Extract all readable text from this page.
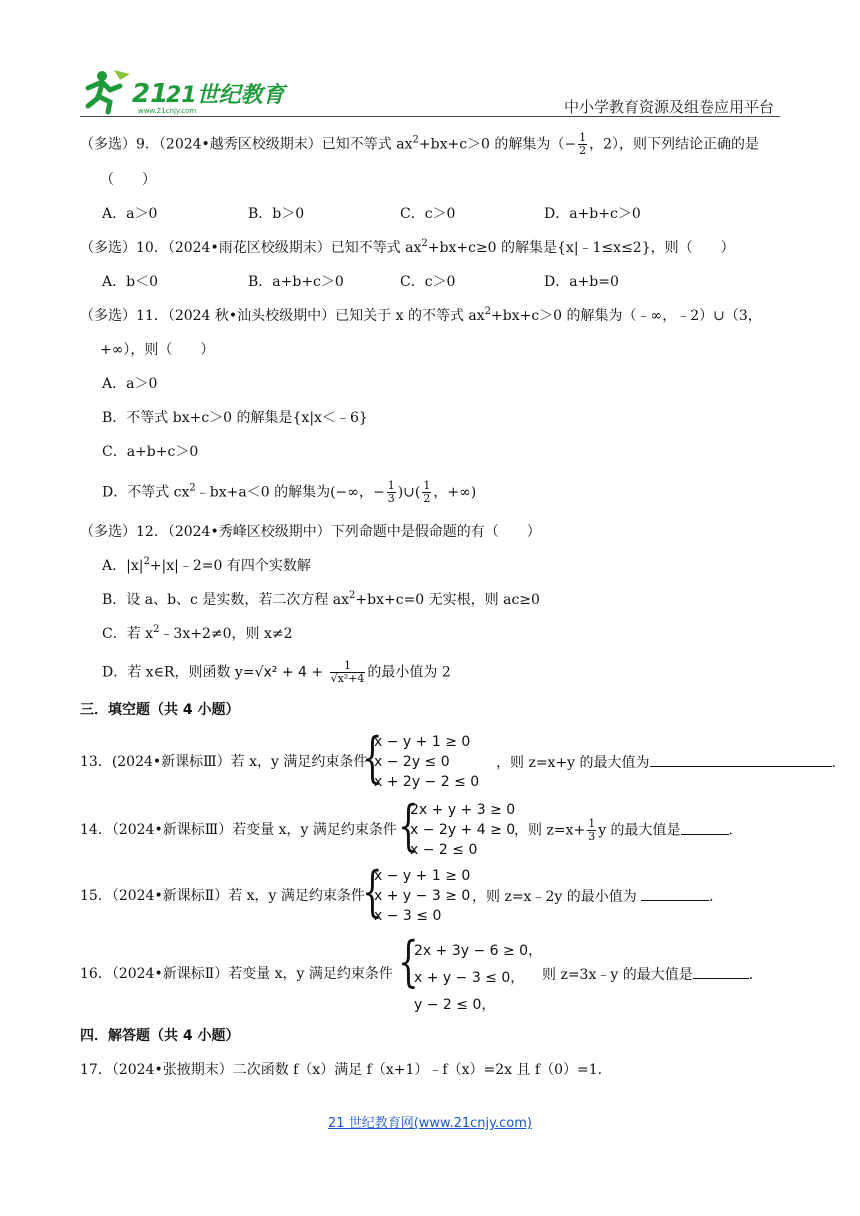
21
21世纪教育
www.21cnjy.com	中小学教育资源及组卷应用平台
（多选）9．（2024•越秀区校级期末）已知不等式 $ax^2+bx+c>0$ 的解集为（− $\frac{1}{2}$ ，2），则下列结论正确的是
（　　）
A．a＞0	B．b＞0	C．c＞0	D．a+b+c＞0
（多选）10．（2024•雨花区校级期末）已知不等式 $ax^2+bx+c\ge 0$ 的解集是{x|﹣1≤x≤2}，则（　　）
A．b＜0	B．a+b+c＞0	C．c＞0	D．a+b=0
（多选）11．（2024 秋•汕头校级期中）已知关于 x 的不等式 $ax^2+bx+c>0$ 的解集为（﹣∞，﹣2）∪（3，
+∞），则（　　）
A．a＞0
B．不等式 bx+c＞0 的解集是{x|x＜﹣6}
C．a+b+c＞0
D．不等式 $cx^2﹣bx+a<0$ 的解集为(−∞，− $\frac{1}{3}$ )∪( $\frac{1}{2}$ ，+∞)
（多选）12．（2024•秀峰区校级期中）下列命题中是假命题的有（　　）
A．$|x|^2+|x|﹣2=0$ 有四个实数解
B．设 a、b、c 是实数，若二次方程 $ax^2+bx+c=0$ 无实根，则 ac≥0
C．若 $x^2﹣3x+2\ne 0$，则 x≠2
D．若 x∈R，则函数 $y=√x^2 + 4 + \frac{1}{\text{√x²+4}}$ 的最小值为 2
三．填空题（共 4 小题）
13．(2024•新课标Ⅲ）若 x，y 满足约束条件
{
x − y + 1 ≥ 0
x − 2y ≤ 0
x + 2y − 2 ≤ 0
，则 z=x+y 的最大值为	．
14．（2024•新课标Ⅲ）若变量 x，y 满足约束条件 {
2x + y + 3 ≥ 0
x − 2y + 4 ≥ 0
x − 2 ≤ 0
，则 $z=x+ \frac{1}{3}$ y 的最大值是	．
15．（2024•新课标Ⅱ）若 x，y 满足约束条件
{
x − y + 1 ≥ 0
x + y − 3 ≥ 0
x − 3 ≤ 0
，则 z=x﹣2y 的最小值为	．
16．（2024•新课标Ⅱ）若变量 x，y 满足约束条件 {
2x + 3y − 6 ≥ 0，
x + y − 3 ≤ 0，
y − 2 ≤ 0，
则 z=3x﹣y 的最大值是	．
四．解答题（共 4 小题）
17．（2024•张掖期末）二次函数 f（x）满足 f（x+1）﹣f（x）=2x 且 f（0）=1．
21 世纪教育网(www.21cnjy.com)
